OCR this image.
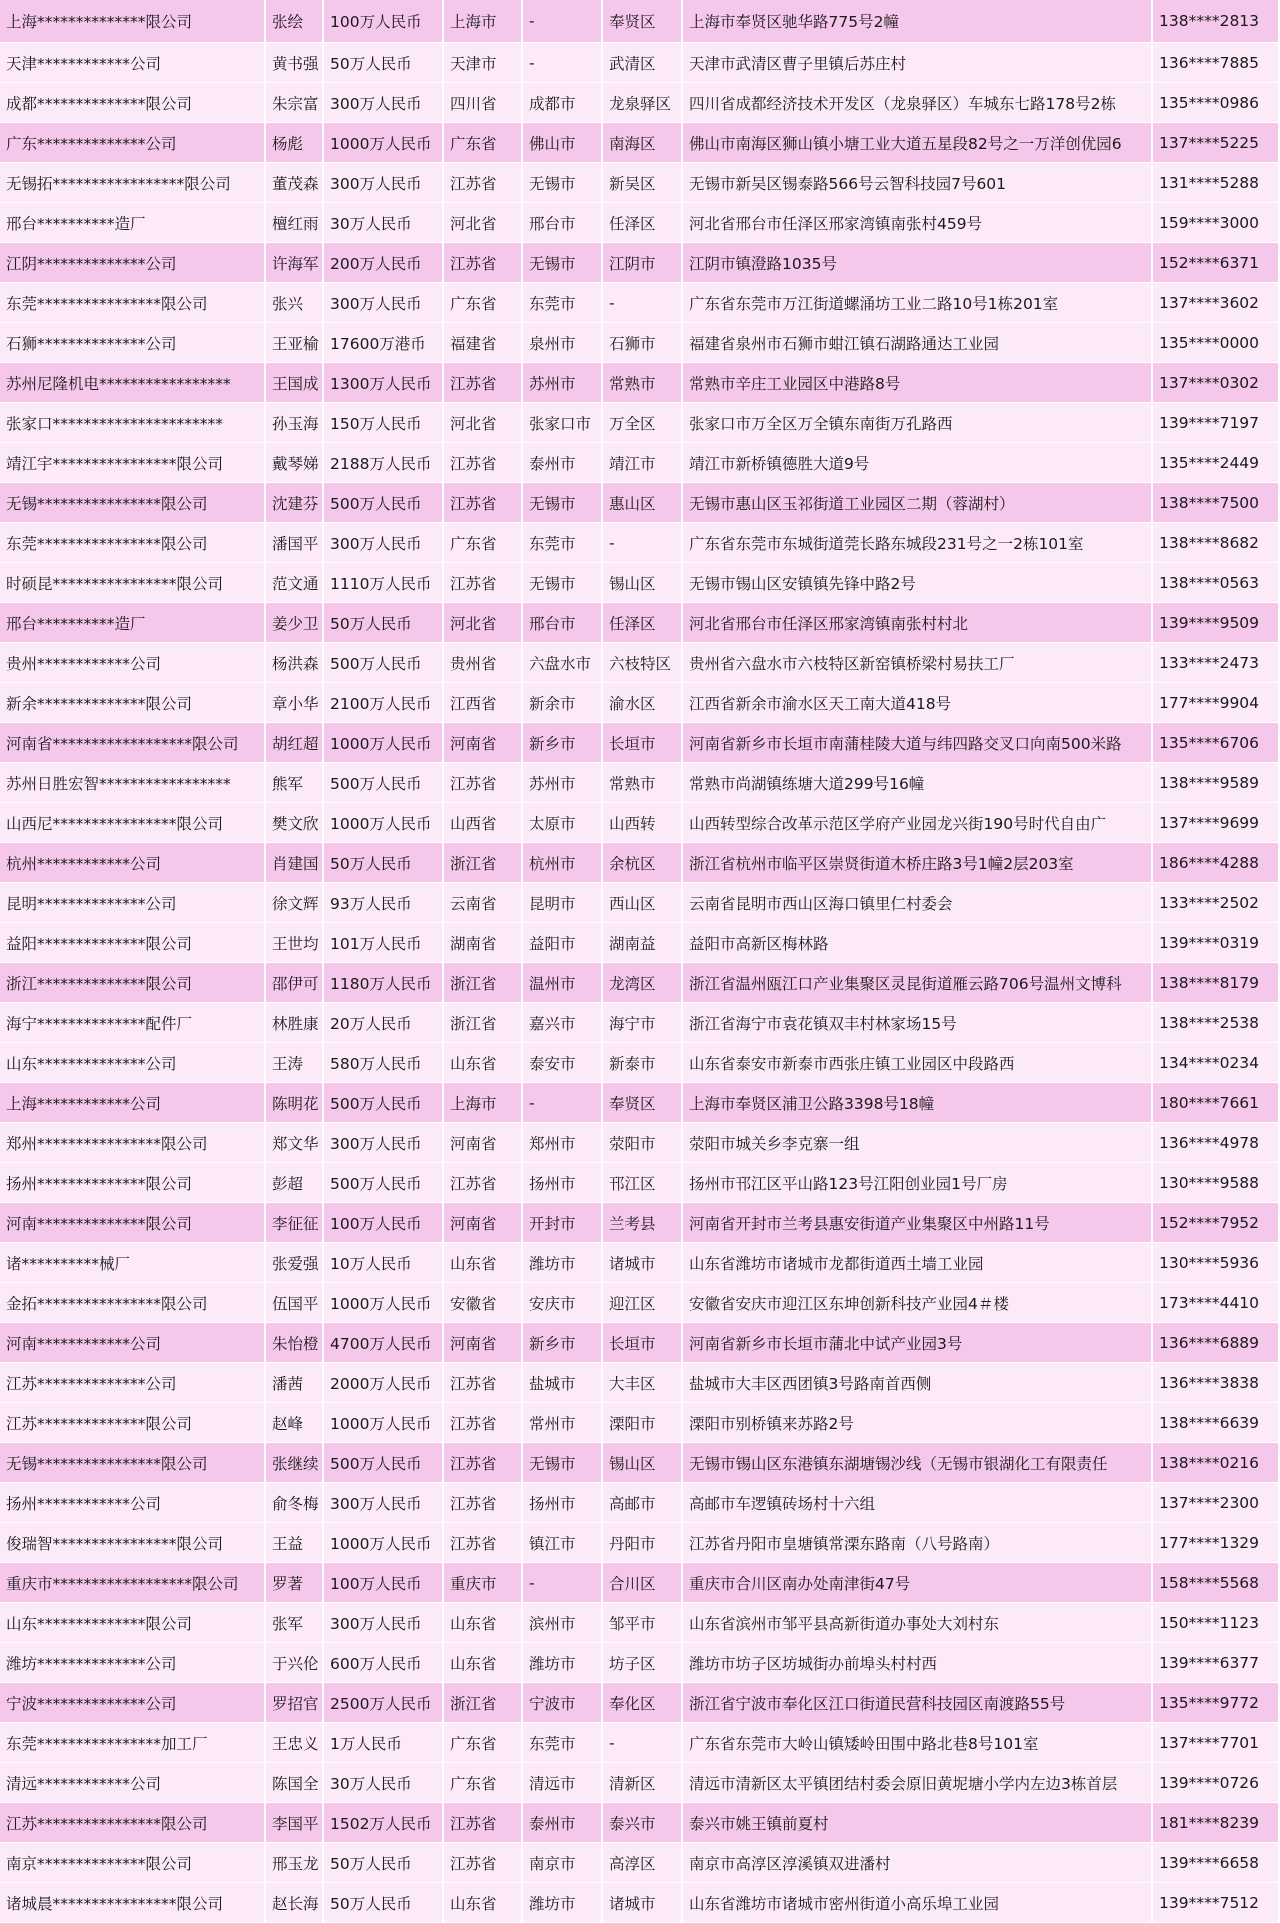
上海**************限公司	张绘	100万人民币	上海市	-	奉贤区	上海市奉贤区驰华路775号2幢	138****2813
天津************公司	黄书强	50万人民币	天津市	-	武清区	天津市武清区曹子里镇后苏庄村	136****7885
成都**************限公司	朱宗富	300万人民币	四川省	成都市	龙泉驿区	四川省成都经济技术开发区（龙泉驿区）车城东七路178号2栋	135****0986
广东**************公司	杨彪	1000万人民币	广东省	佛山市	南海区	佛山市南海区狮山镇小塘工业大道五星段82号之一万洋创优园6	137****5225
无锡拓*****************限公司	董茂森	300万人民币	江苏省	无锡市	新吴区	无锡市新吴区锡泰路566号云智科技园7号601	131****5288
邢台**********造厂	檀红雨	30万人民币	河北省	邢台市	任泽区	河北省邢台市任泽区邢家湾镇南张村459号	159****3000
江阴**************公司	许海军	200万人民币	江苏省	无锡市	江阴市	江阴市镇澄路1035号	152****6371
东莞****************限公司	张兴	300万人民币	广东省	东莞市	-	广东省东莞市万江街道螺涌坊工业二路10号1栋201室	137****3602
石狮**************公司	王亚榆	17600万港币	福建省	泉州市	石狮市	福建省泉州市石狮市蚶江镇石湖路通达工业园	135****0000
苏州尼隆机电*****************	王国成	1300万人民币	江苏省	苏州市	常熟市	常熟市辛庄工业园区中港路8号	137****0302
张家口**********************	孙玉海	150万人民币	河北省	张家口市	万全区	张家口市万全区万全镇东南街万孔路西	139****7197
靖江宇****************限公司	戴琴娣	2188万人民币	江苏省	泰州市	靖江市	靖江市新桥镇德胜大道9号	135****2449
无锡****************限公司	沈建芬	500万人民币	江苏省	无锡市	惠山区	无锡市惠山区玉祁街道工业园区二期（蓉湖村）	138****7500
东莞****************限公司	潘国平	300万人民币	广东省	东莞市	-	广东省东莞市东城街道莞长路东城段231号之一2栋101室	138****8682
时硕昆****************限公司	范文通	1110万人民币	江苏省	无锡市	锡山区	无锡市锡山区安镇镇先锋中路2号	138****0563
邢台**********造厂	姜少卫	50万人民币	河北省	邢台市	任泽区	河北省邢台市任泽区邢家湾镇南张村村北	139****9509
贵州************公司	杨洪森	500万人民币	贵州省	六盘水市	六枝特区	贵州省六盘水市六枝特区新窑镇桥梁村易扶工厂	133****2473
新余**************限公司	章小华	2100万人民币	江西省	新余市	渝水区	江西省新余市渝水区天工南大道418号	177****9904
河南省******************限公司	胡红超	1000万人民币	河南省	新乡市	长垣市	河南省新乡市长垣市南蒲桂陵大道与纬四路交叉口向南500米路	135****6706
苏州日胜宏智*****************	熊军	500万人民币	江苏省	苏州市	常熟市	常熟市尚湖镇练塘大道299号16幢	138****9589
山西尼****************限公司	樊文欣	1000万人民币	山西省	太原市	山西转	山西转型综合改革示范区学府产业园龙兴街190号时代自由广	137****9699
杭州************公司	肖建国	50万人民币	浙江省	杭州市	余杭区	浙江省杭州市临平区崇贤街道木桥庄路3号1幢2层203室	186****4288
昆明**************公司	徐文辉	93万人民币	云南省	昆明市	西山区	云南省昆明市西山区海口镇里仁村委会	133****2502
益阳**************限公司	王世均	101万人民币	湖南省	益阳市	湖南益	益阳市高新区梅林路	139****0319
浙江**************限公司	邵伊可	1180万人民币	浙江省	温州市	龙湾区	浙江省温州瓯江口产业集聚区灵昆街道雁云路706号温州文博科	138****8179
海宁**************配件厂	林胜康	20万人民币	浙江省	嘉兴市	海宁市	浙江省海宁市袁花镇双丰村林家场15号	138****2538
山东**************公司	王涛	580万人民币	山东省	泰安市	新泰市	山东省泰安市新泰市西张庄镇工业园区中段路西	134****0234
上海************公司	陈明花	500万人民币	上海市	-	奉贤区	上海市奉贤区浦卫公路3398号18幢	180****7661
郑州****************限公司	郑文华	300万人民币	河南省	郑州市	荥阳市	荥阳市城关乡李克寨一组	136****4978
扬州**************限公司	彭超	500万人民币	江苏省	扬州市	邗江区	扬州市邗江区平山路123号江阳创业园1号厂房	130****9588
河南**************限公司	李征征	100万人民币	河南省	开封市	兰考县	河南省开封市兰考县惠安街道产业集聚区中州路11号	152****7952
诸**********械厂	张爱强	10万人民币	山东省	潍坊市	诸城市	山东省潍坊市诸城市龙都街道西土墙工业园	130****5936
金拓****************限公司	伍国平	1000万人民币	安徽省	安庆市	迎江区	安徽省安庆市迎江区东坤创新科技产业园4＃楼	173****4410
河南************公司	朱怡橙	4700万人民币	河南省	新乡市	长垣市	河南省新乡市长垣市蒲北中试产业园3号	136****6889
江苏**************公司	潘茜	2000万人民币	江苏省	盐城市	大丰区	盐城市大丰区西团镇3号路南首西侧	136****3838
江苏**************限公司	赵峰	1000万人民币	江苏省	常州市	溧阳市	溧阳市别桥镇来苏路2号	138****6639
无锡****************限公司	张继续	500万人民币	江苏省	无锡市	锡山区	无锡市锡山区东港镇东湖塘锡沙线（无锡市银湖化工有限责任	138****0216
扬州************公司	俞冬梅	300万人民币	江苏省	扬州市	高邮市	高邮市车逻镇砖场村十六组	137****2300
俊瑞智****************限公司	王益	1000万人民币	江苏省	镇江市	丹阳市	江苏省丹阳市皇塘镇常溧东路南（八号路南）	177****1329
重庆市******************限公司	罗著	100万人民币	重庆市	-	合川区	重庆市合川区南办处南津街47号	158****5568
山东**************限公司	张军	300万人民币	山东省	滨州市	邹平市	山东省滨州市邹平县高新街道办事处大刘村东	150****1123
潍坊**************公司	于兴伦	600万人民币	山东省	潍坊市	坊子区	潍坊市坊子区坊城街办前埠头村村西	139****6377
宁波**************公司	罗招官	2500万人民币	浙江省	宁波市	奉化区	浙江省宁波市奉化区江口街道民营科技园区南渡路55号	135****9772
东莞****************加工厂	王忠义	1万人民币	广东省	东莞市	-	广东省东莞市大岭山镇矮岭田围中路北巷8号101室	137****7701
清远************公司	陈国全	30万人民币	广东省	清远市	清新区	清远市清新区太平镇团结村委会原旧黄坭塘小学内左边3栋首层	139****0726
江苏****************限公司	李国平	1502万人民币	江苏省	泰州市	泰兴市	泰兴市姚王镇前夏村	181****8239
南京**************限公司	邢玉龙	50万人民币	江苏省	南京市	高淳区	南京市高淳区淳溪镇双进潘村	139****6658
诸城晨****************限公司	赵长海	50万人民币	山东省	潍坊市	诸城市	山东省潍坊市诸城市密州街道小高乐埠工业园	139****7512
